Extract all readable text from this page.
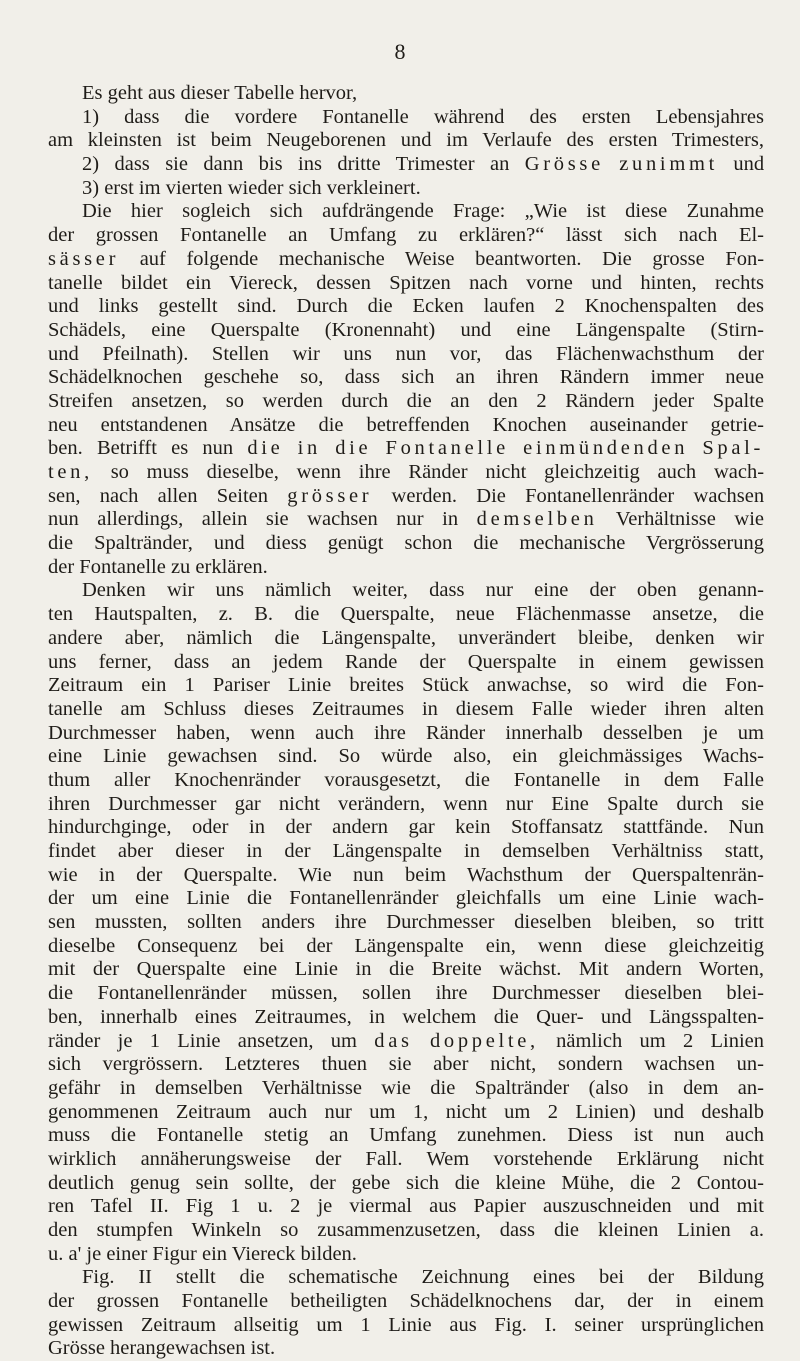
8
Es geht aus dieser Tabelle hervor,
1) dass die vordere Fontanelle während des ersten Lebensjahres
am kleinsten ist beim Neugeborenen und im Verlaufe des ersten Trimesters,
2) dass sie dann bis ins dritte Trimester an Grösse zunimmt und
3) erst im vierten wieder sich verkleinert.
Die hier sogleich sich aufdrängende Frage: „Wie ist diese Zunahme
der grossen Fontanelle an Umfang zu erklären?“ lässt sich nach El-
sässer auf folgende mechanische Weise beantworten. Die grosse Fon-
tanelle bildet ein Viereck, dessen Spitzen nach vorne und hinten, rechts
und links gestellt sind. Durch die Ecken laufen 2 Knochenspalten des
Schädels, eine Querspalte (Kronennaht) und eine Längenspalte (Stirn-
und Pfeilnath). Stellen wir uns nun vor, das Flächenwachsthum der
Schädelknochen geschehe so, dass sich an ihren Rändern immer neue
Streifen ansetzen, so werden durch die an den 2 Rändern jeder Spalte
neu entstandenen Ansätze die betreffenden Knochen auseinander getrie-
ben. Betrifft es nun die in die Fontanelle einmündenden Spal-
ten, so muss dieselbe, wenn ihre Ränder nicht gleichzeitig auch wach-
sen, nach allen Seiten grösser werden. Die Fontanellenränder wachsen
nun allerdings, allein sie wachsen nur in demselben Verhältnisse wie
die Spaltränder, und diess genügt schon die mechanische Vergrösserung
der Fontanelle zu erklären.
Denken wir uns nämlich weiter, dass nur eine der oben genann-
ten Hautspalten, z. B. die Querspalte, neue Flächenmasse ansetze, die
andere aber, nämlich die Längenspalte, unverändert bleibe, denken wir
uns ferner, dass an jedem Rande der Querspalte in einem gewissen
Zeitraum ein 1 Pariser Linie breites Stück anwachse, so wird die Fon-
tanelle am Schluss dieses Zeitraumes in diesem Falle wieder ihren alten
Durchmesser haben, wenn auch ihre Ränder innerhalb desselben je um
eine Linie gewachsen sind. So würde also, ein gleichmässiges Wachs-
thum aller Knochenränder vorausgesetzt, die Fontanelle in dem Falle
ihren Durchmesser gar nicht verändern, wenn nur Eine Spalte durch sie
hindurchginge, oder in der andern gar kein Stoffansatz stattfände. Nun
findet aber dieser in der Längenspalte in demselben Verhältniss statt,
wie in der Querspalte. Wie nun beim Wachsthum der Querspaltenrän-
der um eine Linie die Fontanellenränder gleichfalls um eine Linie wach-
sen mussten, sollten anders ihre Durchmesser dieselben bleiben, so tritt
dieselbe Consequenz bei der Längenspalte ein, wenn diese gleichzeitig
mit der Querspalte eine Linie in die Breite wächst. Mit andern Worten,
die Fontanellenränder müssen, sollen ihre Durchmesser dieselben blei-
ben, innerhalb eines Zeitraumes, in welchem die Quer- und Längsspalten-
ränder je 1 Linie ansetzen, um das doppelte, nämlich um 2 Linien
sich vergrössern. Letzteres thuen sie aber nicht, sondern wachsen un-
gefähr in demselben Verhältnisse wie die Spaltränder (also in dem an-
genommenen Zeitraum auch nur um 1, nicht um 2 Linien) und deshalb
muss die Fontanelle stetig an Umfang zunehmen. Diess ist nun auch
wirklich annäherungsweise der Fall. Wem vorstehende Erklärung nicht
deutlich genug sein sollte, der gebe sich die kleine Mühe, die 2 Contou-
ren Tafel II. Fig 1 u. 2 je viermal aus Papier auszuschneiden und mit
den stumpfen Winkeln so zusammenzusetzen, dass die kleinen Linien a.
u. a' je einer Figur ein Viereck bilden.
Fig. II stellt die schematische Zeichnung eines bei der Bildung
der grossen Fontanelle betheiligten Schädelknochens dar, der in einem
gewissen Zeitraum allseitig um 1 Linie aus Fig. I. seiner ursprünglichen
Grösse herangewachsen ist.
